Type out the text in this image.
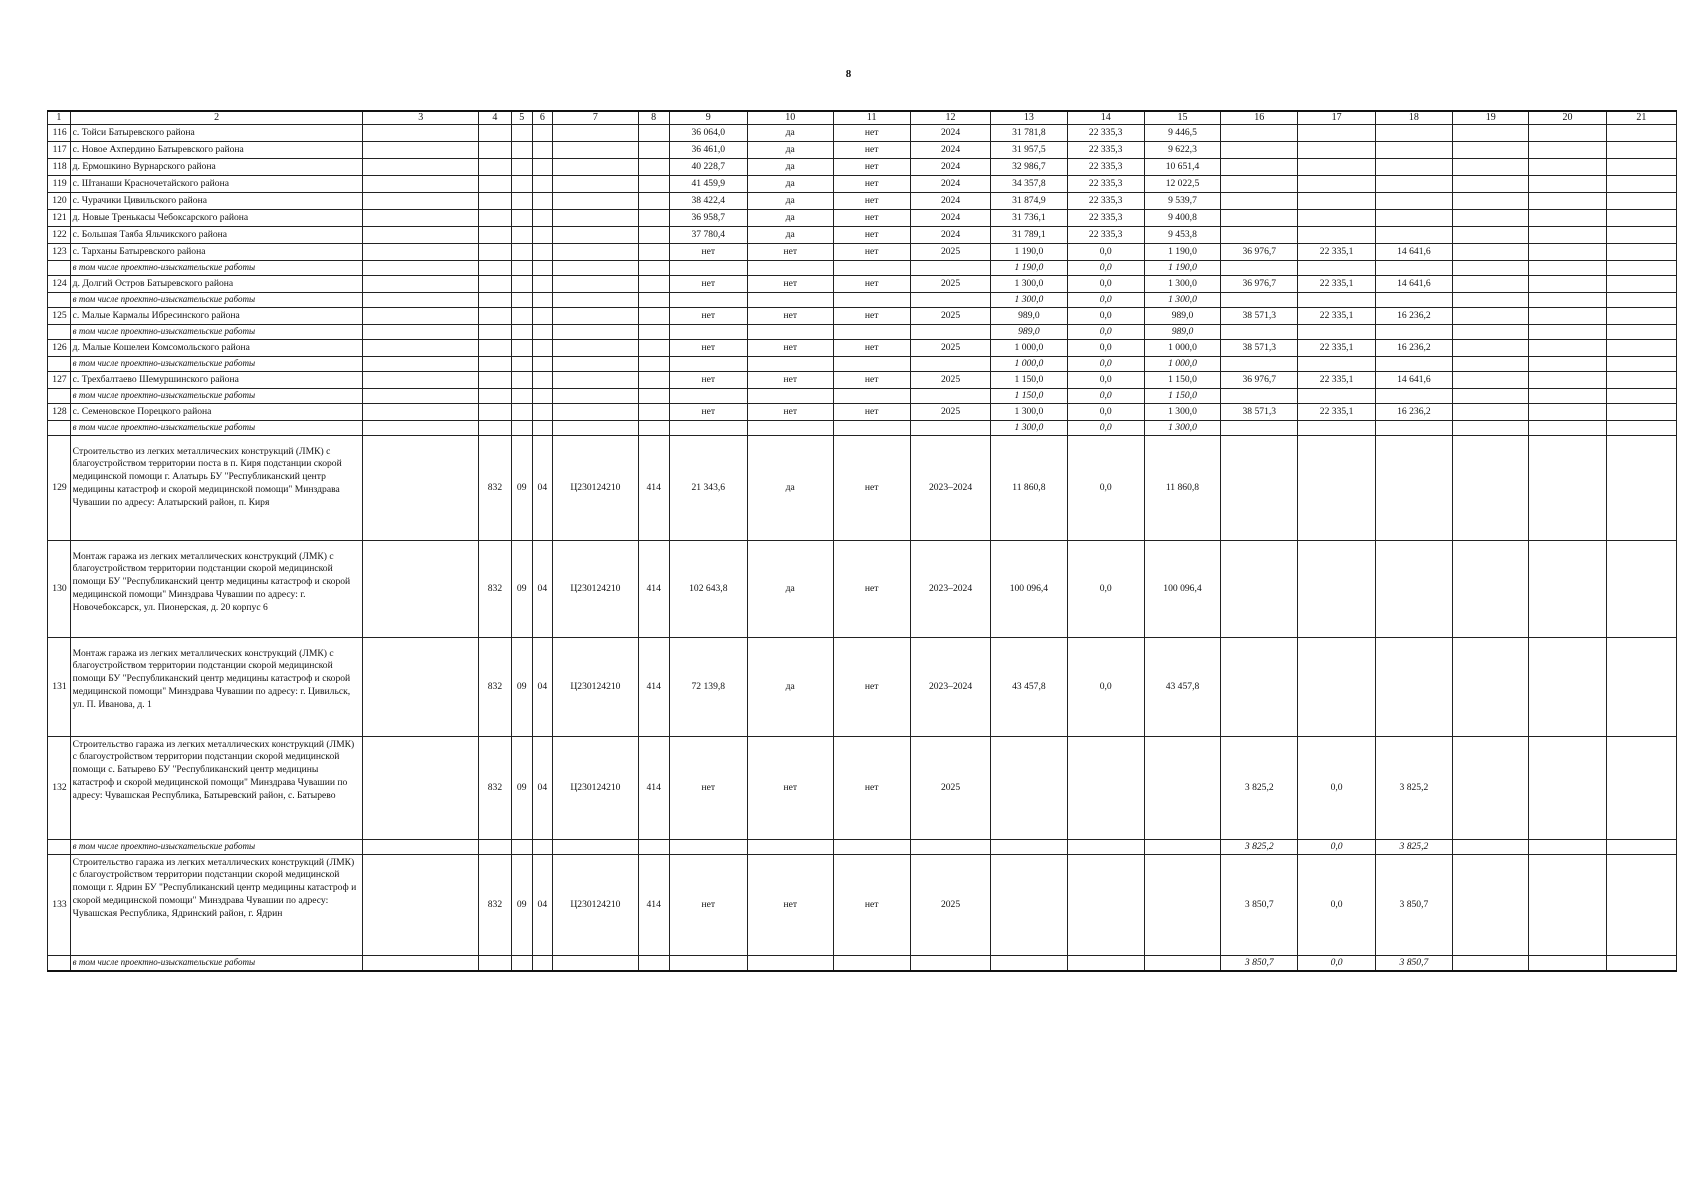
8
1	2	3	4	5	6	7	8	9	10	11	12	13	14	15	16	17	18	19	20	21
116	с. Тойси Батыревского района							36 064,0	да	нет	2024	31 781,8	22 335,3	9 446,5						
117	с. Новое Ахпердино Батыревского района							36 461,0	да	нет	2024	31 957,5	22 335,3	9 622,3						
118	д. Ермошкино Вурнарского района							40 228,7	да	нет	2024	32 986,7	22 335,3	10 651,4						
119	с. Штанаши Красночетайского района							41 459,9	да	нет	2024	34 357,8	22 335,3	12 022,5						
120	с. Чурачики Цивильского района							38 422,4	да	нет	2024	31 874,9	22 335,3	9 539,7						
121	д. Новые Тренькасы Чебоксарского района							36 958,7	да	нет	2024	31 736,1	22 335,3	9 400,8						
122	с. Большая Таяба Яльчикского района							37 780,4	да	нет	2024	31 789,1	22 335,3	9 453,8						
123	с. Тарханы Батыревского района							нет	нет	нет	2025	1 190,0	0,0	1 190,0	36 976,7	22 335,1	14 641,6			
	в том числе проектно-изыскательские работы											1 190,0	0,0	1 190,0						
124	д. Долгий Остров Батыревского района							нет	нет	нет	2025	1 300,0	0,0	1 300,0	36 976,7	22 335,1	14 641,6			
	в том числе проектно-изыскательские работы											1 300,0	0,0	1 300,0						
125	с. Малые Кармалы Ибресинского района							нет	нет	нет	2025	989,0	0,0	989,0	38 571,3	22 335,1	16 236,2			
	в том числе проектно-изыскательские работы											989,0	0,0	989,0						
126	д. Малые Кошелеи Комсомольского района							нет	нет	нет	2025	1 000,0	0,0	1 000,0	38 571,3	22 335,1	16 236,2			
	в том числе проектно-изыскательские работы											1 000,0	0,0	1 000,0						
127	с. Трехбалтаево Шемуршинского района							нет	нет	нет	2025	1 150,0	0,0	1 150,0	36 976,7	22 335,1	14 641,6			
	в том числе проектно-изыскательские работы											1 150,0	0,0	1 150,0						
128	с. Семеновское Порецкого района							нет	нет	нет	2025	1 300,0	0,0	1 300,0	38 571,3	22 335,1	16 236,2			
	в том числе проектно-изыскательские работы											1 300,0	0,0	1 300,0						
129	Строительство из легких металлических конструкций (ЛМК) с благоустройством территории поста в п. Киря подстанции скорой медицинской помощи г. Алатырь БУ "Республиканский центр медицины катастроф и скорой медицинской помощи" Минздрава Чувашии по адресу: Алатырский район, п. Киря		832	09	04	Ц230124210	414	21 343,6	да	нет	2023–2024	11 860,8	0,0	11 860,8						
130	Монтаж гаража из легких металлических конструкций (ЛМК) с благоустройством территории подстанции скорой медицинской помощи БУ "Республиканский центр медицины катастроф и скорой медицинской помощи" Минздрава Чувашии по адресу: г. Новочебоксарск, ул. Пионерская, д. 20 корпус 6		832	09	04	Ц230124210	414	102 643,8	да	нет	2023–2024	100 096,4	0,0	100 096,4						
131	Монтаж гаража из легких металлических конструкций (ЛМК) с благоустройством территории подстанции скорой медицинской помощи БУ "Республиканский центр медицины катастроф и скорой медицинской помощи" Минздрава Чувашии по адресу: г. Цивильск, ул. П. Иванова, д. 1		832	09	04	Ц230124210	414	72 139,8	да	нет	2023–2024	43 457,8	0,0	43 457,8						
132	Строительство гаража из легких металлических конструкций (ЛМК) с благоустройством территории подстанции скорой медицинской помощи с. Батырево БУ "Республиканский центр медицины катастроф и скорой медицинской помощи" Минздрава Чувашии по адресу: Чувашская Республика, Батыревский район, с. Батырево		832	09	04	Ц230124210	414	нет	нет	нет	2025				3 825,2	0,0	3 825,2			
	в том числе проектно-изыскательские работы														3 825,2	0,0	3 825,2			
133	Строительство гаража из легких металлических конструкций (ЛМК) с благоустройством территории подстанции скорой медицинской помощи г. Ядрин БУ "Республиканский центр медицины катастроф и скорой медицинской помощи" Минздрава Чувашии по адресу: Чувашская Республика, Ядринский район, г. Ядрин		832	09	04	Ц230124210	414	нет	нет	нет	2025				3 850,7	0,0	3 850,7			
	в том числе проектно-изыскательские работы														3 850,7	0,0	3 850,7			
